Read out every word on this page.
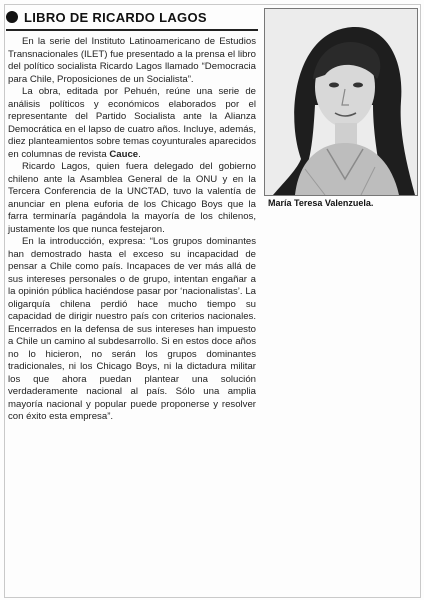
LIBRO DE RICARDO LAGOS

En la serie del Instituto Latinoamericano de Estudios Transnacionales (ILET) fue presentado a la prensa el libro del político socialista Ricardo Lagos llamado “Democracia para Chile, Proposiciones de un Socialista”.

La obra, editada por Pehuén, reúne una serie de análisis políticos y económicos elaborados por el representante del Partido Socialista ante la Alianza Democrática en el lapso de cuatro años. Incluye, además, diez planteamientos sobre temas coyunturales aparecidos en columnas de revista Cauce.

Ricardo Lagos, quien fuera delegado del gobierno chileno ante la Asamblea General de la ONU y en la Tercera Conferencia de la UNCTAD, tuvo la valentía de anunciar en plena euforia de los Chicago Boys que la farra terminaría pagándola la mayoría de los chilenos, justamente los que nunca festejaron.

En la introducción, expresa: “Los grupos dominantes han demostrado hasta el exceso su incapacidad de pensar a Chile como país. Incapaces de ver más allá de sus intereses personales o de grupo, intentan engañar a la opinión pública haciéndose pasar por ‘nacionalistas’. La oligarquía chilena perdió hace mucho tiempo su capacidad de dirigir nuestro país con criterios nacionales. Encerrados en la defensa de sus intereses han impuesto a Chile un camino al subdesarrollo. Si en estos doce años no lo hicieron, no serán los grupos dominantes tradicionales, ni los Chicago Boys, ni la dictadura militar los que ahora puedan plantear una solución verdaderamente nacional al país. Sólo una amplia mayoría nacional y popular puede proponerse y resolver con éxito esta empresa”.

María Teresa Valenzuela.
